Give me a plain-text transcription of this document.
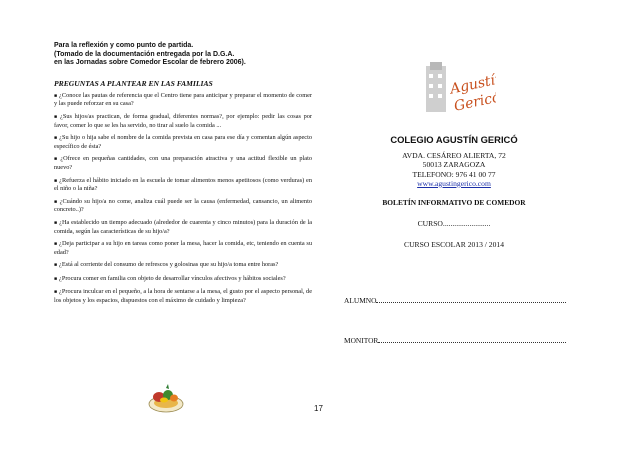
Para la reflexión y como punto de partida.
(Tomado de la documentación entregada por la D.G.A.
en las Jornadas sobre Comedor Escolar de febrero 2006).
PREGUNTAS A PLANTEAR EN LAS FAMILIAS
■ ¿Conoce las pautas de referencia que el Centro tiene para anticipar y preparar el momento de comer y las puede reforzar en su casa?
■ ¿Sus hijos/as practican, de forma gradual, diferentes normas?, por ejemplo: pedir las cosas por favor, comer lo que se les ha servido, no tirar al suelo la comida ...
■ ¿Su hijo o hija sabe el nombre de la comida prevista en casa para ese día y comentan algún aspecto específico de ésta?
■ ¿Ofrece en pequeñas cantidades, con una preparación atractiva y una actitud flexible un plato nuevo?
■ ¿Refuerza el hábito iniciado en la escuela de tomar alimentos menos apetitosos (como verduras) en el niño o la niña?
■ ¿Cuándo su hijo/a no come, analiza cuál puede ser la causa (enfermedad, cansancio, un alimento concreto..)?
■ ¿Ha establecido un tiempo adecuado (alrededor de cuarenta y cinco minutos) para la duración de la comida, según las características de su hijo/a?
■ ¿Deja participar a su hijo en tareas como poner la mesa, hacer la comida, etc, teniendo en cuenta su edad?
■ ¿Está al corriente del consumo de refrescos y golosinas que su hijo/a toma entre horas?
■ ¿Procura comer en familia con objeto de desarrollar vínculos afectivos y hábitos sociales?
■ ¿Procura inculcar en el pequeño, a la hora de sentarse a la mesa, el gusto por el aspecto personal, de los objetos y los espacios, dispuestos con el máximo de cuidado y limpieza?
Agustín
Gericó
COLEGIO AGUSTÍN GERICÓ
AVDA. CESÁREO ALIERTA, 72
50013 ZARAGOZA
TELEFONO: 976 41 00 77
www.agustingerico.com
BOLETÍN INFORMATIVO DE COMEDOR
CURSO.........................
CURSO ESCOLAR 2013 / 2014
ALUMNO
MONITOR
17
